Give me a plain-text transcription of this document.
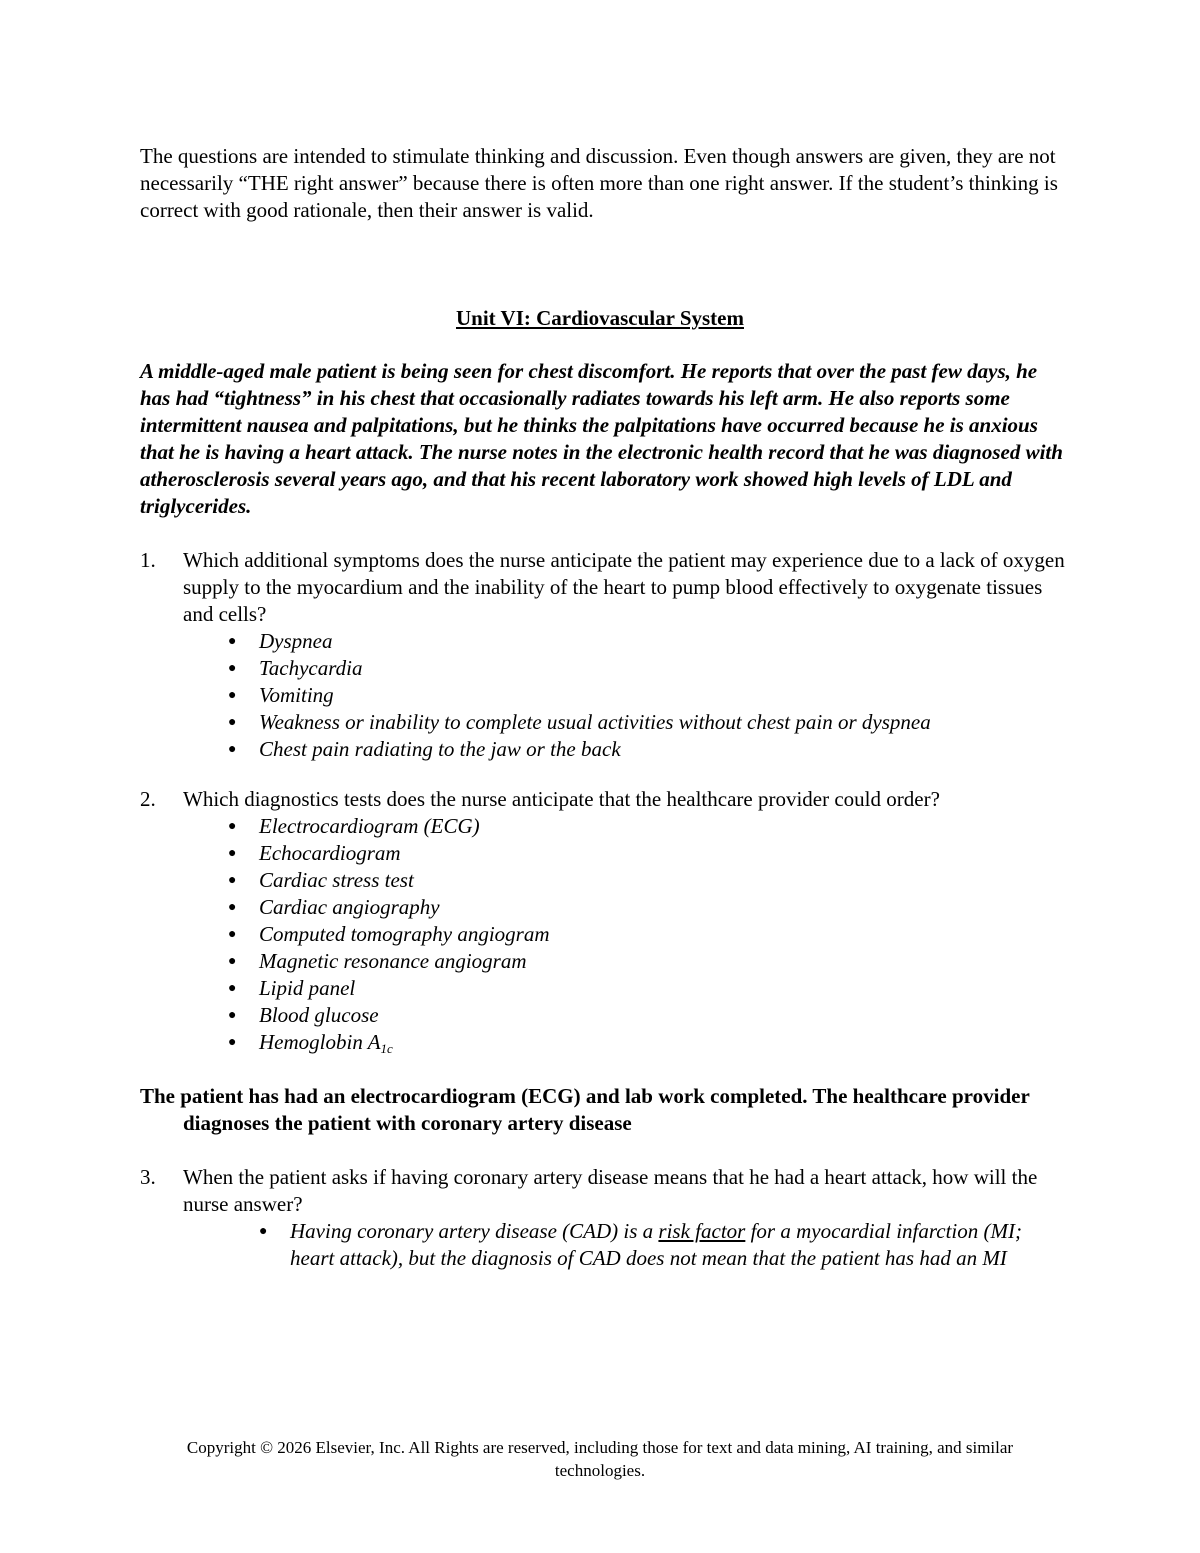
The questions are intended to stimulate thinking and discussion. Even though answers are given, they are not necessarily “THE right answer” because there is often more than one right answer. If the student’s thinking is correct with good rationale, then their answer is valid.

Unit VI: Cardiovascular System

A middle-aged male patient is being seen for chest discomfort. He reports that over the past few days, he has had “tightness” in his chest that occasionally radiates towards his left arm. He also reports some intermittent nausea and palpitations, but he thinks the palpitations have occurred because he is anxious that he is having a heart attack. The nurse notes in the electronic health record that he was diagnosed with atherosclerosis several years ago, and that his recent laboratory work showed high levels of LDL and triglycerides.

1. Which additional symptoms does the nurse anticipate the patient may experience due to a lack of oxygen supply to the myocardium and the inability of the heart to pump blood effectively to oxygenate tissues and cells?
● Dyspnea
● Tachycardia
● Vomiting
● Weakness or inability to complete usual activities without chest pain or dyspnea
● Chest pain radiating to the jaw or the back
2. Which diagnostics tests does the nurse anticipate that the healthcare provider could order?
● Electrocardiogram (ECG)
● Echocardiogram
● Cardiac stress test
● Cardiac angiography
● Computed tomography angiogram
● Magnetic resonance angiogram
● Lipid panel
● Blood glucose
● Hemoglobin $A_{1c}$

The patient has had an electrocardiogram (ECG) and lab work completed. The healthcare provider diagnoses the patient with coronary artery disease

3. When the patient asks if having coronary artery disease means that he had a heart attack, how will the nurse answer?
● Having coronary artery disease (CAD) is a risk factor for a myocardial infarction (MI; heart attack), but the diagnosis of CAD does not mean that the patient has had an MI

Copyright © 2026 Elsevier, Inc. All Rights are reserved, including those for text and data mining, AI training, and similar technologies.
